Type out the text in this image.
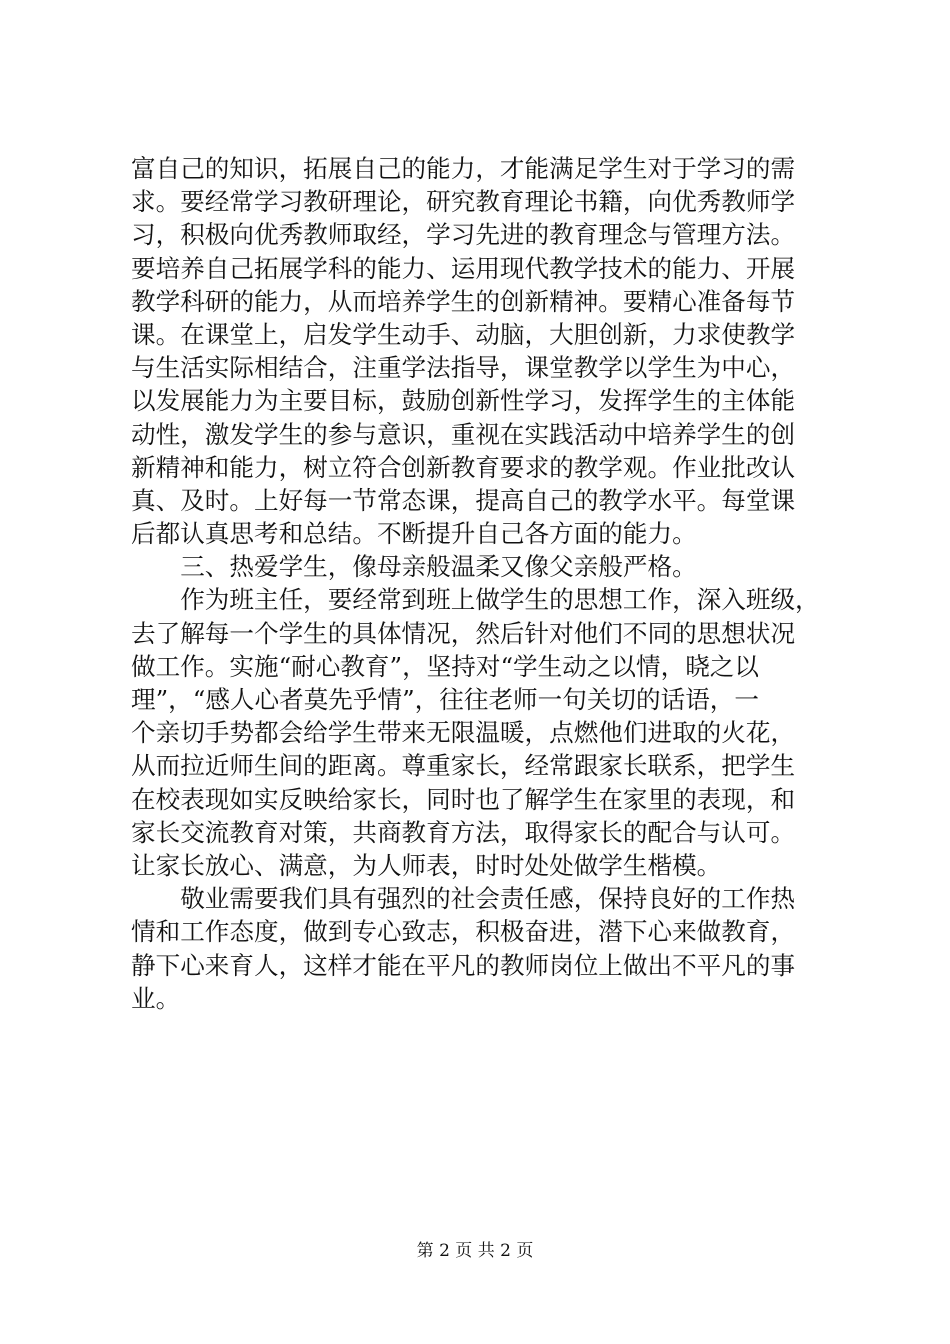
富自己的知识，拓展自己的能力，才能满足学生对于学习的需
求。要经常学习教研理论，研究教育理论书籍，向优秀教师学
习，积极向优秀教师取经，学习先进的教育理念与管理方法。
要培养自己拓展学科的能力、运用现代教学技术的能力、开展
教学科研的能力，从而培养学生的创新精神。要精心准备每节
课。在课堂上，启发学生动手、动脑，大胆创新，力求使教学
与生活实际相结合，注重学法指导，课堂教学以学生为中心，
以发展能力为主要目标，鼓励创新性学习，发挥学生的主体能
动性，激发学生的参与意识，重视在实践活动中培养学生的创
新精神和能力，树立符合创新教育要求的教学观。作业批改认
真、及时。上好每一节常态课，提高自己的教学水平。每堂课
后都认真思考和总结。不断提升自己各方面的能力。
　　三、热爱学生，像母亲般温柔又像父亲般严格。
　　作为班主任，要经常到班上做学生的思想工作，深入班级，
去了解每一个学生的具体情况，然后针对他们不同的思想状况
做工作。实施“耐心教育”，坚持对“学生动之以情，晓之以
理”，“感人心者莫先乎情”，往往老师一句关切的话语，一
个亲切手势都会给学生带来无限温暖，点燃他们进取的火花，
从而拉近师生间的距离。尊重家长，经常跟家长联系，把学生
在校表现如实反映给家长，同时也了解学生在家里的表现，和
家长交流教育对策，共商教育方法，取得家长的配合与认可。
让家长放心、满意，为人师表，时时处处做学生楷模。
　　敬业需要我们具有强烈的社会责任感，保持良好的工作热
情和工作态度，做到专心致志，积极奋进，潜下心来做教育，
静下心来育人，这样才能在平凡的教师岗位上做出不平凡的事
业。
第 2 页 共 2 页
